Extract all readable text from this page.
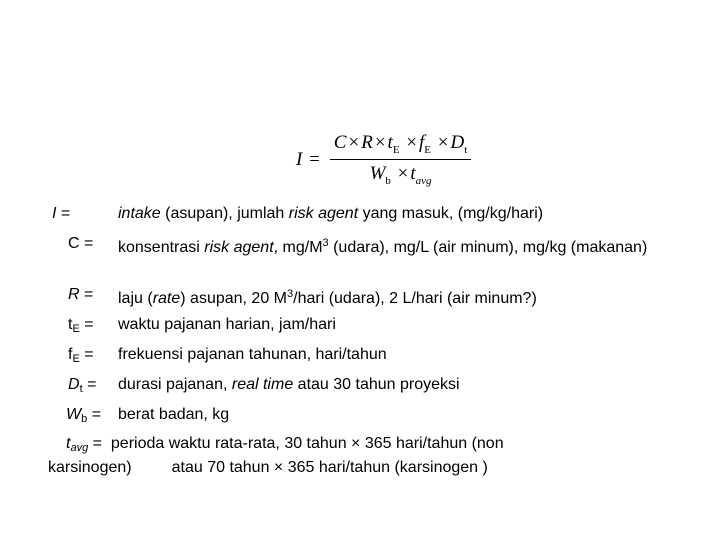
$I = \frac{C \times R \times t_E \times f_E \times D_t}{W_b \times t_{avg}}$
I =	intake (asupan), jumlah risk agent yang masuk, (mg/kg/hari)
C = konsentrasi risk agent, $mg/M^3$ (udara), mg/L (air minum), mg/kg (makanan)
R = laju (rate) asupan, 20 $M^3$/hari (udara), 2 L/hari (air minum?)
tE = waktu pajanan harian, jam/hari
fE = frekuensi pajanan tahunan, hari/tahun
Dt = durasi pajanan, real time atau 30 tahun proyeksi
Wb = berat badan, kg
tavg = perioda waktu rata-rata, 30 tahun × 365 hari/tahun (non
karsinogen)	atau 70 tahun × 365 hari/tahun (karsinogen )
